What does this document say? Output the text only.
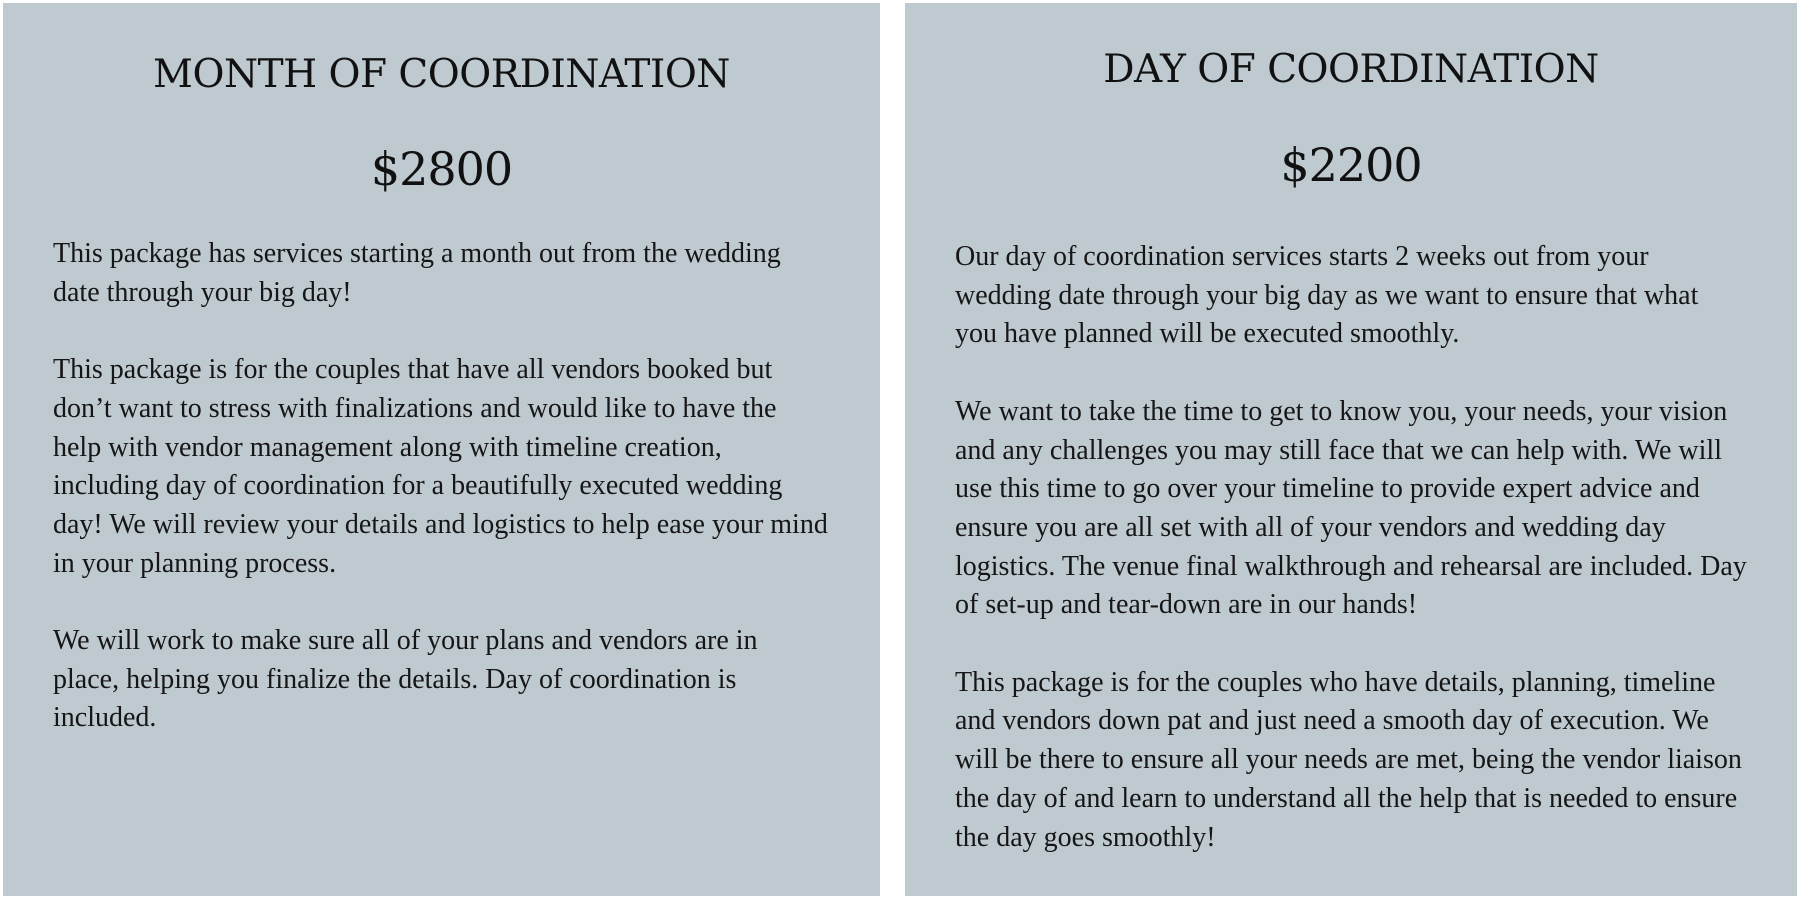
MONTH OF COORDINATION
$2800

This package has services starting a month out from the wedding date through your big day!

This package is for the couples that have all vendors booked but don’t want to stress with finalizations and would like to have the help with vendor management along with timeline creation, including day of coordination for a beautifully executed wedding day! We will review your details and logistics to help ease your mind in your planning process.

We will work to make sure all of your plans and vendors are in place, helping you finalize the details. Day of coordination is included.

DAY OF COORDINATION
$2200

Our day of coordination services starts 2 weeks out from your wedding date through your big day as we want to ensure that what you have planned will be executed smoothly.

We want to take the time to get to know you, your needs, your vision and any challenges you may still face that we can help with. We will use this time to go over your timeline to provide expert advice and ensure you are all set with all of your vendors and wedding day logistics. The venue final walkthrough and rehearsal are included. Day of set-up and tear-down are in our hands!

This package is for the couples who have details, planning, timeline and vendors down pat and just need a smooth day of execution. We will be there to ensure all your needs are met, being the vendor liaison the day of and learn to understand all the help that is needed to ensure the day goes smoothly!
